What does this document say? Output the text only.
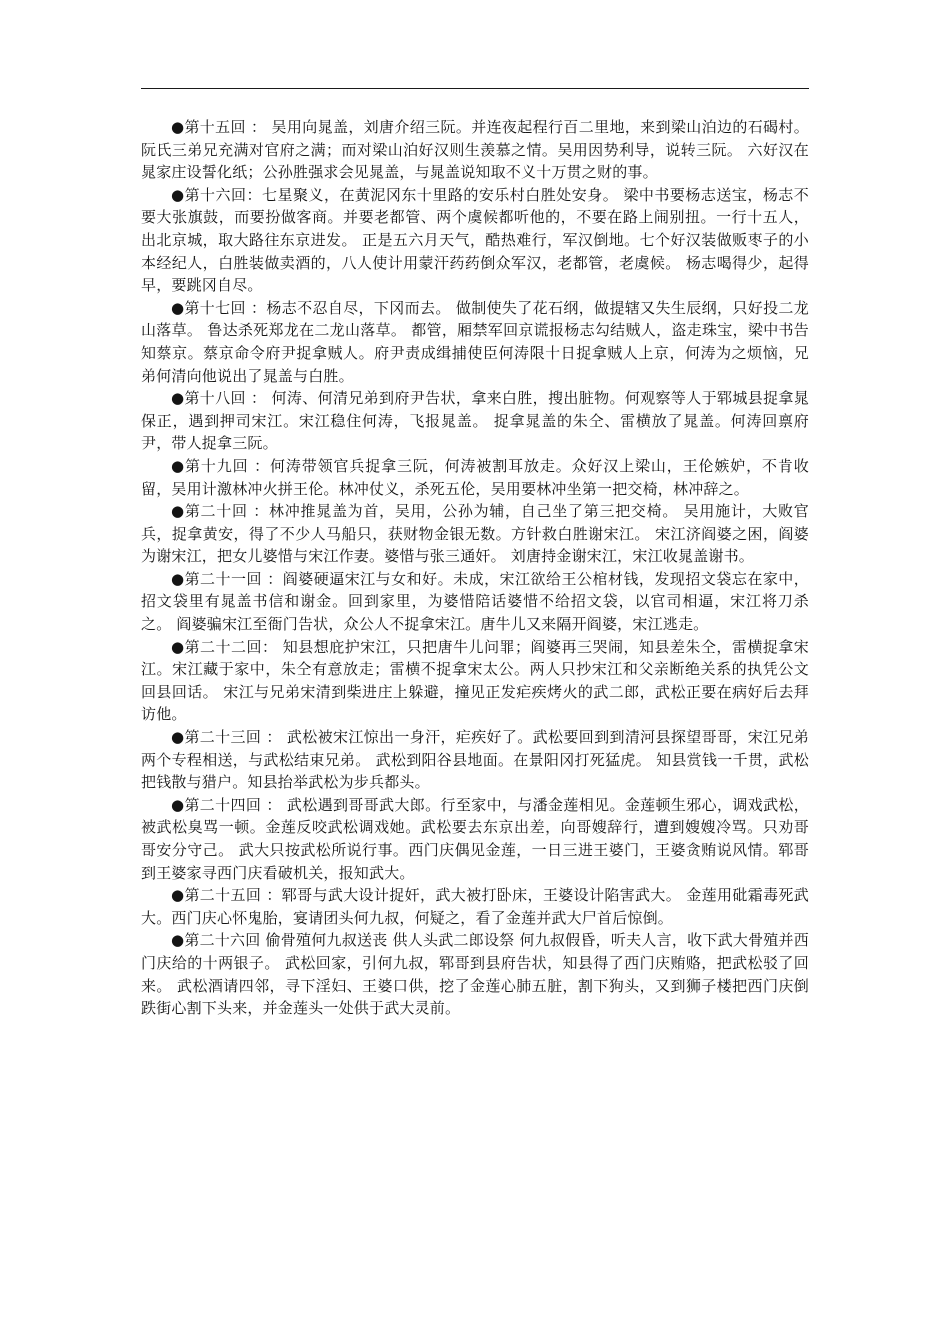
●第十五回 ： 吴用向晁盖，刘唐介绍三阮。并连夜起程行百二里地，来到梁山泊边的石碣村。 阮氏三弟兄充满对官府之满；而对梁山泊好汉则生羡慕之情。吴用因势利导，说转三阮。 六好汉在晁家庄设誓化纸；公孙胜强求会见晁盖，与晁盖说知取不义十万贯之财的事。

●第十六回：七星聚义，在黄泥冈东十里路的安乐村白胜处安身。 梁中书要杨志送宝，杨志不要大张旗鼓，而要扮做客商。并要老都管、两个虞候都听他的，不要在路上闹别扭。一行十五人，出北京城，取大路往东京进发。 正是五六月天气，酷热难行，军汉倒地。七个好汉装做贩枣子的小本经纪人，白胜装做卖酒的，八人使计用蒙汗药药倒众军汉，老都管，老虞候。 杨志喝得少，起得早，要跳冈自尽。

●第十七回 ：杨志不忍自尽，下冈而去。 做制使失了花石纲，做提辖又失生辰纲，只好投二龙山落草。 鲁达杀死郑龙在二龙山落草。 都管，厢禁军回京谎报杨志勾结贼人，盗走珠宝，梁中书告知蔡京。蔡京命令府尹捉拿贼人。府尹责成缉捕使臣何涛限十日捉拿贼人上京，何涛为之烦恼，兄弟何清向他说出了晁盖与白胜。

●第十八回 ： 何涛、何清兄弟到府尹告状，拿来白胜，搜出脏物。何观察等人于郓城县捉拿晁保正，遇到押司宋江。宋江稳住何涛，飞报晁盖。 捉拿晁盖的朱仝、雷横放了晁盖。何涛回禀府尹，带人捉拿三阮。

●第十九回 ：何涛带领官兵捉拿三阮，何涛被割耳放走。众好汉上梁山，王伦嫉妒，不肯收留，吴用计激林冲火拼王伦。林冲仗义，杀死五伦，吴用要林冲坐第一把交椅，林冲辞之。

●第二十回 ：林冲推晁盖为首，吴用，公孙为辅，自己坐了第三把交椅。 吴用施计，大败官兵，捉拿黄安，得了不少人马船只，获财物金银无数。方针救白胜谢宋江。 宋江济阎婆之困，阎婆为谢宋江，把女儿婆惜与宋江作妻。婆惜与张三通奸。 刘唐持金谢宋江，宋江收晁盖谢书。

●第二十一回 ：阎婆硬逼宋江与女和好。未成，宋江欲给王公棺材钱，发现招文袋忘在家中，招文袋里有晁盖书信和谢金。回到家里，为婆惜陪话婆惜不给招文袋，以官司相逼，宋江将刀杀之。 阎婆骗宋江至衙门告状，众公人不捉拿宋江。唐牛儿又来隔开阎婆，宋江逃走。

●第二十二回： 知县想庇护宋江，只把唐牛儿问罪；阎婆再三哭闹，知县差朱仝，雷横捉拿宋江。宋江藏于家中，朱仝有意放走；雷横不捉拿宋太公。两人只抄宋江和父亲断绝关系的执凭公文回县回话。 宋江与兄弟宋清到柴进庄上躲避，撞见正发疟疾烤火的武二郎，武松正要在病好后去拜访他。

●第二十三回 ： 武松被宋江惊出一身汗，疟疾好了。武松要回到到清河县探望哥哥，宋江兄弟两个专程相送，与武松结束兄弟。 武松到阳谷县地面。在景阳冈打死猛虎。 知县赏钱一千贯，武松把钱散与猎户。知县抬举武松为步兵都头。

●第二十四回 ： 武松遇到哥哥武大郎。行至家中，与潘金莲相见。金莲顿生邪心，调戏武松，被武松臭骂一顿。金莲反咬武松调戏她。武松要去东京出差，向哥嫂辞行，遭到嫂嫂冷骂。只劝哥哥安分守己。 武大只按武松所说行事。西门庆偶见金莲，一日三进王婆门，王婆贪贿说风情。郓哥到王婆家寻西门庆看破机关，报知武大。

●第二十五回 ：郓哥与武大设计捉奸，武大被打卧床，王婆设计陷害武大。 金莲用砒霜毒死武大。西门庆心怀鬼胎，宴请团头何九叔，何疑之，看了金莲并武大尸首后惊倒。

●第二十六回 偷骨殖何九叔送丧 供人头武二郎设祭 何九叔假昏，听夫人言，收下武大骨殖并西门庆给的十两银子。 武松回家，引何九叔，郓哥到县府告状，知县得了西门庆贿赂，把武松驳了回来。 武松酒请四邻，寻下淫妇、王婆口供，挖了金莲心肺五脏，割下狗头，又到狮子楼把西门庆倒跌街心割下头来，并金莲头一处供于武大灵前。
